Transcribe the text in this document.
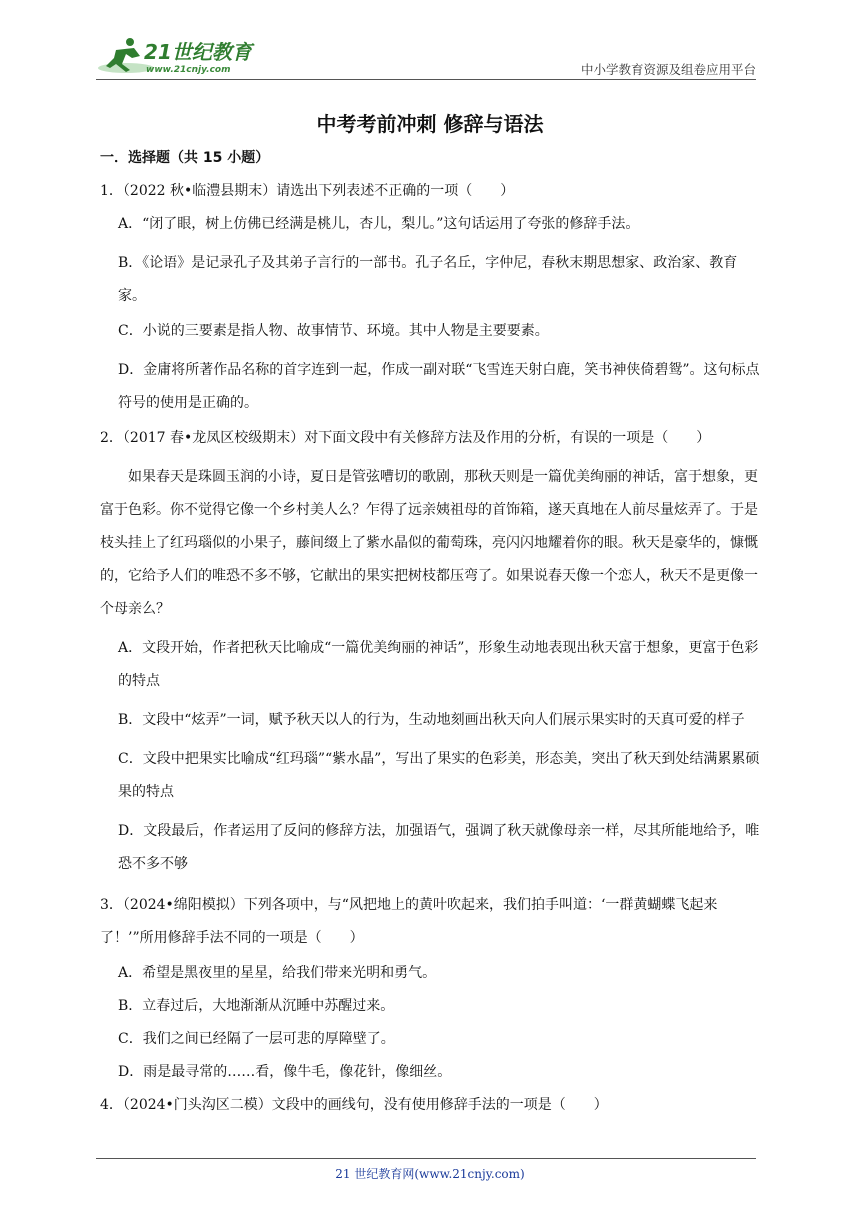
21世纪教育
www.21cnjy.com	中小学教育资源及组卷应用平台
中考考前冲刺 修辞与语法
一．选择题（共 15 小题）
1．（2022 秋•临澧县期末）请选出下列表述不正确的一项（　　）
A．“闭了眼，树上仿佛已经满是桃儿，杏儿，梨儿。”这句话运用了夸张的修辞手法。
B．《论语》是记录孔子及其弟子言行的一部书。孔子名丘，字仲尼，春秋末期思想家、政治家、教育家。
C．小说的三要素是指人物、故事情节、环境。其中人物是主要要素。
D．金庸将所著作品名称的首字连到一起，作成一副对联“飞雪连天射白鹿，笑书神侠倚碧鸳”。这句标点符号的使用是正确的。
2．（2017 春•龙凤区校级期末）对下面文段中有关修辞方法及作用的分析，有误的一项是（　　）
如果春天是珠圆玉润的小诗，夏日是管弦嘈切的歌剧，那秋天则是一篇优美绚丽的神话，富于想象，更富于色彩。你不觉得它像一个乡村美人么？乍得了远亲姨祖母的首饰箱，遂天真地在人前尽量炫弄了。于是枝头挂上了红玛瑙似的小果子，藤间缀上了紫水晶似的葡萄珠，亮闪闪地耀着你的眼。秋天是豪华的，慷慨的，它给予人们的唯恐不多不够，它献出的果实把树枝都压弯了。如果说春天像一个恋人，秋天不是更像一个母亲么？
A．文段开始，作者把秋天比喻成“一篇优美绚丽的神话”，形象生动地表现出秋天富于想象，更富于色彩的特点
B．文段中“炫弄”一词，赋予秋天以人的行为，生动地刻画出秋天向人们展示果实时的天真可爱的样子
C．文段中把果实比喻成“红玛瑙”“紫水晶”，写出了果实的色彩美，形态美，突出了秋天到处结满累累硕果的特点
D．文段最后，作者运用了反问的修辞方法，加强语气，强调了秋天就像母亲一样，尽其所能地给予，唯恐不多不够
3．（2024•绵阳模拟）下列各项中，与“风把地上的黄叶吹起来，我们拍手叫道：‘一群黄蝴蝶飞起来了！’”所用修辞手法不同的一项是（　　）
A．希望是黑夜里的星星，给我们带来光明和勇气。
B．立春过后，大地渐渐从沉睡中苏醒过来。
C．我们之间已经隔了一层可悲的厚障壁了。
D．雨是最寻常的……看，像牛毛，像花针，像细丝。
4．（2024•门头沟区二模）文段中的画线句，没有使用修辞手法的一项是（　　）
21 世纪教育网(www.21cnjy.com)
